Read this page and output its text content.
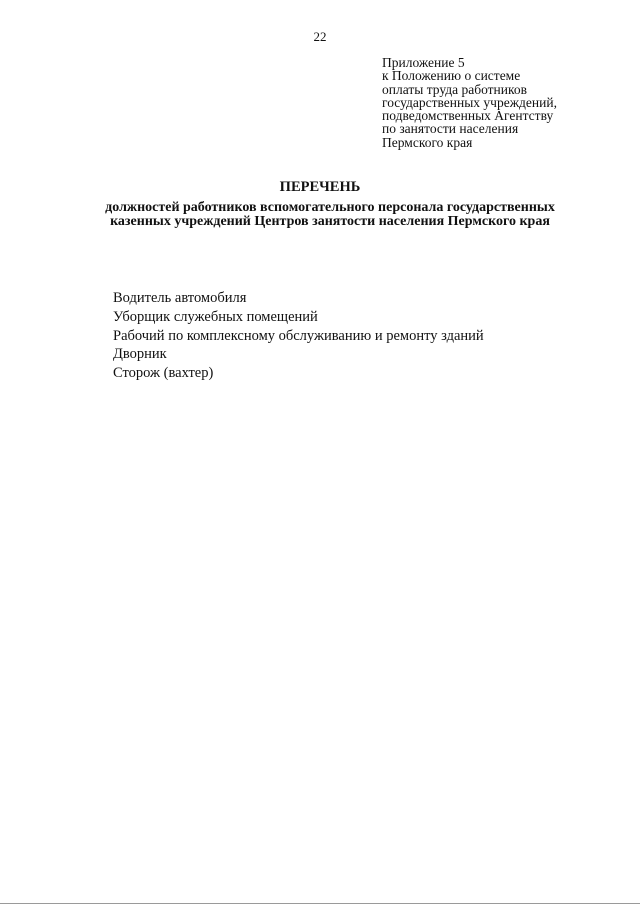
22
Приложение 5
к Положению о системе
оплаты труда работников
государственных учреждений,
подведомственных Агентству
по занятости населения
Пермского края
ПЕРЕЧЕНЬ
должностей работников вспомогательного персонала государственных
казенных учреждений Центров занятости населения Пермского края
Водитель автомобиля
Уборщик служебных помещений
Рабочий по комплексному обслуживанию и ремонту зданий
Дворник
Сторож (вахтер)
